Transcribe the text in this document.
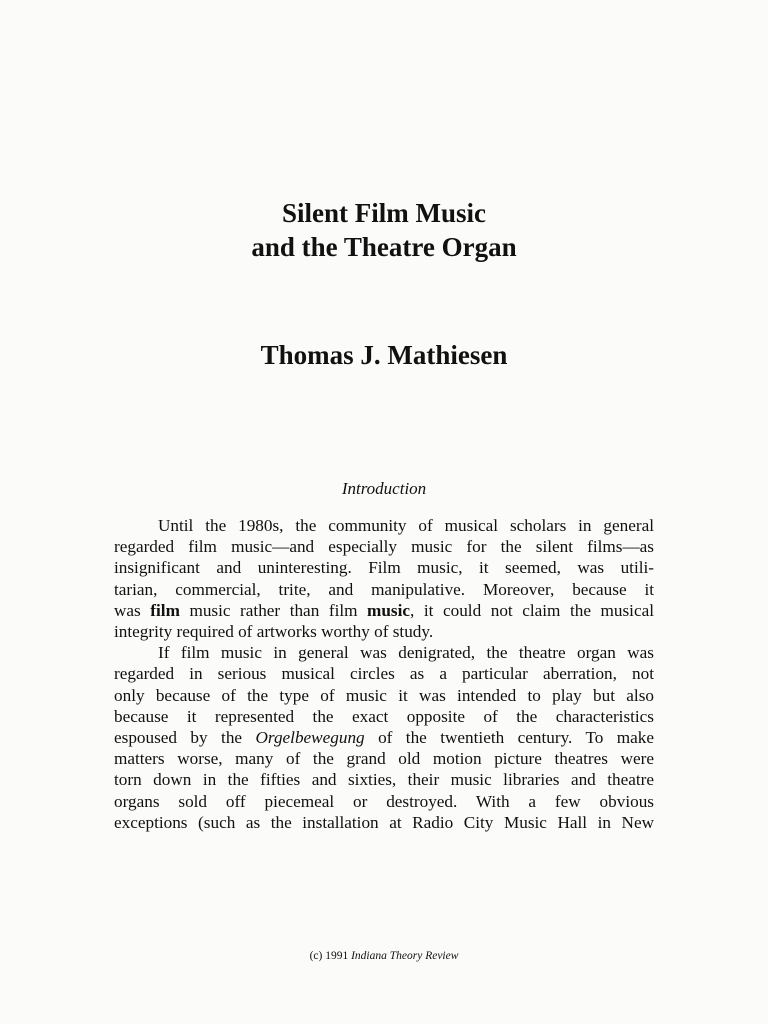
Silent Film Music
and the Theatre Organ
Thomas J. Mathiesen
Introduction
Until the 1980s, the community of musical scholars in general
regarded film music—and especially music for the silent films—as
insignificant and uninteresting. Film music, it seemed, was utili-
tarian, commercial, trite, and manipulative. Moreover, because it
was film music rather than film music, it could not claim the musical
integrity required of artworks worthy of study.
If film music in general was denigrated, the theatre organ was
regarded in serious musical circles as a particular aberration, not
only because of the type of music it was intended to play but also
because it represented the exact opposite of the characteristics
espoused by the Orgelbewegung of the twentieth century. To make
matters worse, many of the grand old motion picture theatres were
torn down in the fifties and sixties, their music libraries and theatre
organs sold off piecemeal or destroyed. With a few obvious
exceptions (such as the installation at Radio City Music Hall in New
(c) 1991 Indiana Theory Review
